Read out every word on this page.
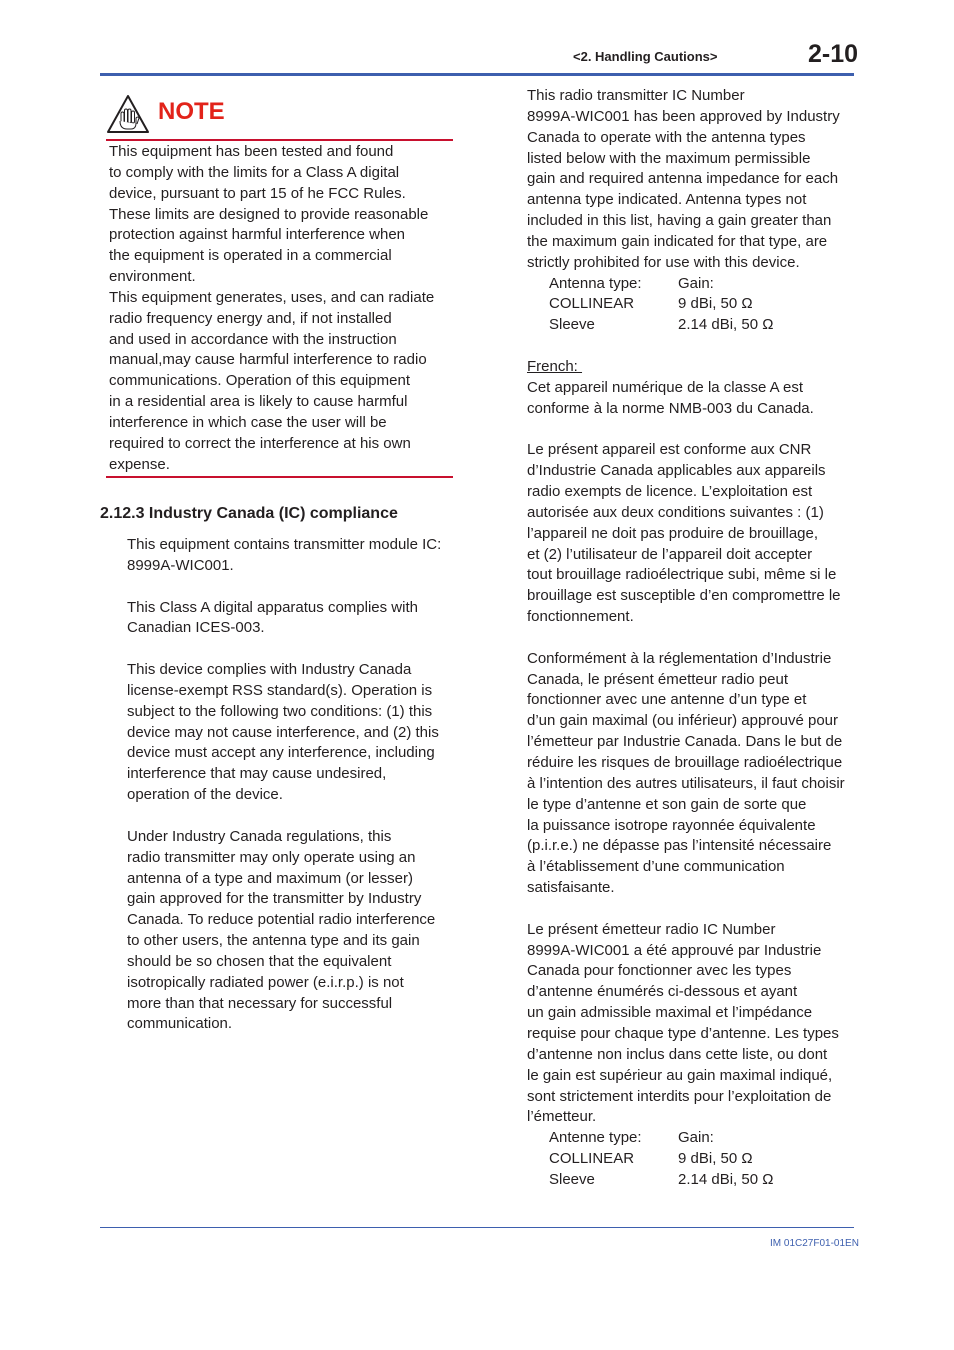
<2. Handling Cautions>	2-10
NOTE
This equipment has been tested and found
to comply with the limits for a Class A digital
device, pursuant to part 15 of he FCC Rules.
These limits are designed to provide reasonable
protection against harmful interference when
the equipment is operated in a commercial
environment.
This equipment generates, uses, and can radiate
radio frequency energy and, if not installed
and used in accordance with the instruction
manual,may cause harmful interference to radio
communications. Operation of this equipment
in a residential area is likely to cause harmful
interference in which case the user will be
required to correct the interference at his own
expense.
2.12.3 Industry Canada (IC) compliance
This equipment contains transmitter module IC:
8999A-WIC001.
This Class A digital apparatus complies with
Canadian ICES-003.
This device complies with Industry Canada
license-exempt RSS standard(s). Operation is
subject to the following two conditions: (1) this
device may not cause interference, and (2) this
device must accept any interference, including
interference that may cause undesired,
operation of the device.
Under Industry Canada regulations, this
radio transmitter may only operate using an
antenna of a type and maximum (or lesser)
gain approved for the transmitter by Industry
Canada. To reduce potential radio interference
to other users, the antenna type and its gain
should be so chosen that the equivalent
isotropically radiated power (e.i.r.p.) is not
more than that necessary for successful
communication.
This radio transmitter IC Number
8999A-WIC001 has been approved by Industry
Canada to operate with the antenna types
listed below with the maximum permissible
gain and required antenna impedance for each
antenna type indicated. Antenna types not
included in this list, having a gain greater than
the maximum gain indicated for that type, are
strictly prohibited for use with this device.
Antenna type: Gain:
COLLINEAR	9 dBi, 50 Ω
Sleeve	2.14 dBi, 50 Ω
French:
Cet appareil numérique de la classe A est
conforme à la norme NMB-003 du Canada.
Le présent appareil est conforme aux CNR
d’Industrie Canada applicables aux appareils
radio exempts de licence. L’exploitation est
autorisée aux deux conditions suivantes : (1)
l’appareil ne doit pas produire de brouillage,
et (2) l’utilisateur de l’appareil doit accepter
tout brouillage radioélectrique subi, même si le
brouillage est susceptible d’en compromettre le
fonctionnement.
Conformément à la réglementation d’Industrie
Canada, le présent émetteur radio peut
fonctionner avec une antenne d’un type et
d’un gain maximal (ou inférieur) approuvé pour
l’émetteur par Industrie Canada. Dans le but de
réduire les risques de brouillage radioélectrique
à l’intention des autres utilisateurs, il faut choisir
le type d’antenne et son gain de sorte que
la puissance isotrope rayonnée équivalente
(p.i.r.e.) ne dépasse pas l’intensité nécessaire
à l’établissement d’une communication
satisfaisante.
Le présent émetteur radio IC Number
8999A-WIC001 a été approuvé par Industrie
Canada pour fonctionner avec les types
d’antenne énumérés ci-dessous et ayant
un gain admissible maximal et l’impédance
requise pour chaque type d’antenne. Les types
d’antenne non inclus dans cette liste, ou dont
le gain est supérieur au gain maximal indiqué,
sont strictement interdits pour l’exploitation de
l’émetteur.
Antenne type: Gain:
COLLINEAR	9 dBi, 50 Ω
Sleeve	2.14 dBi, 50 Ω
IM 01C27F01-01EN
